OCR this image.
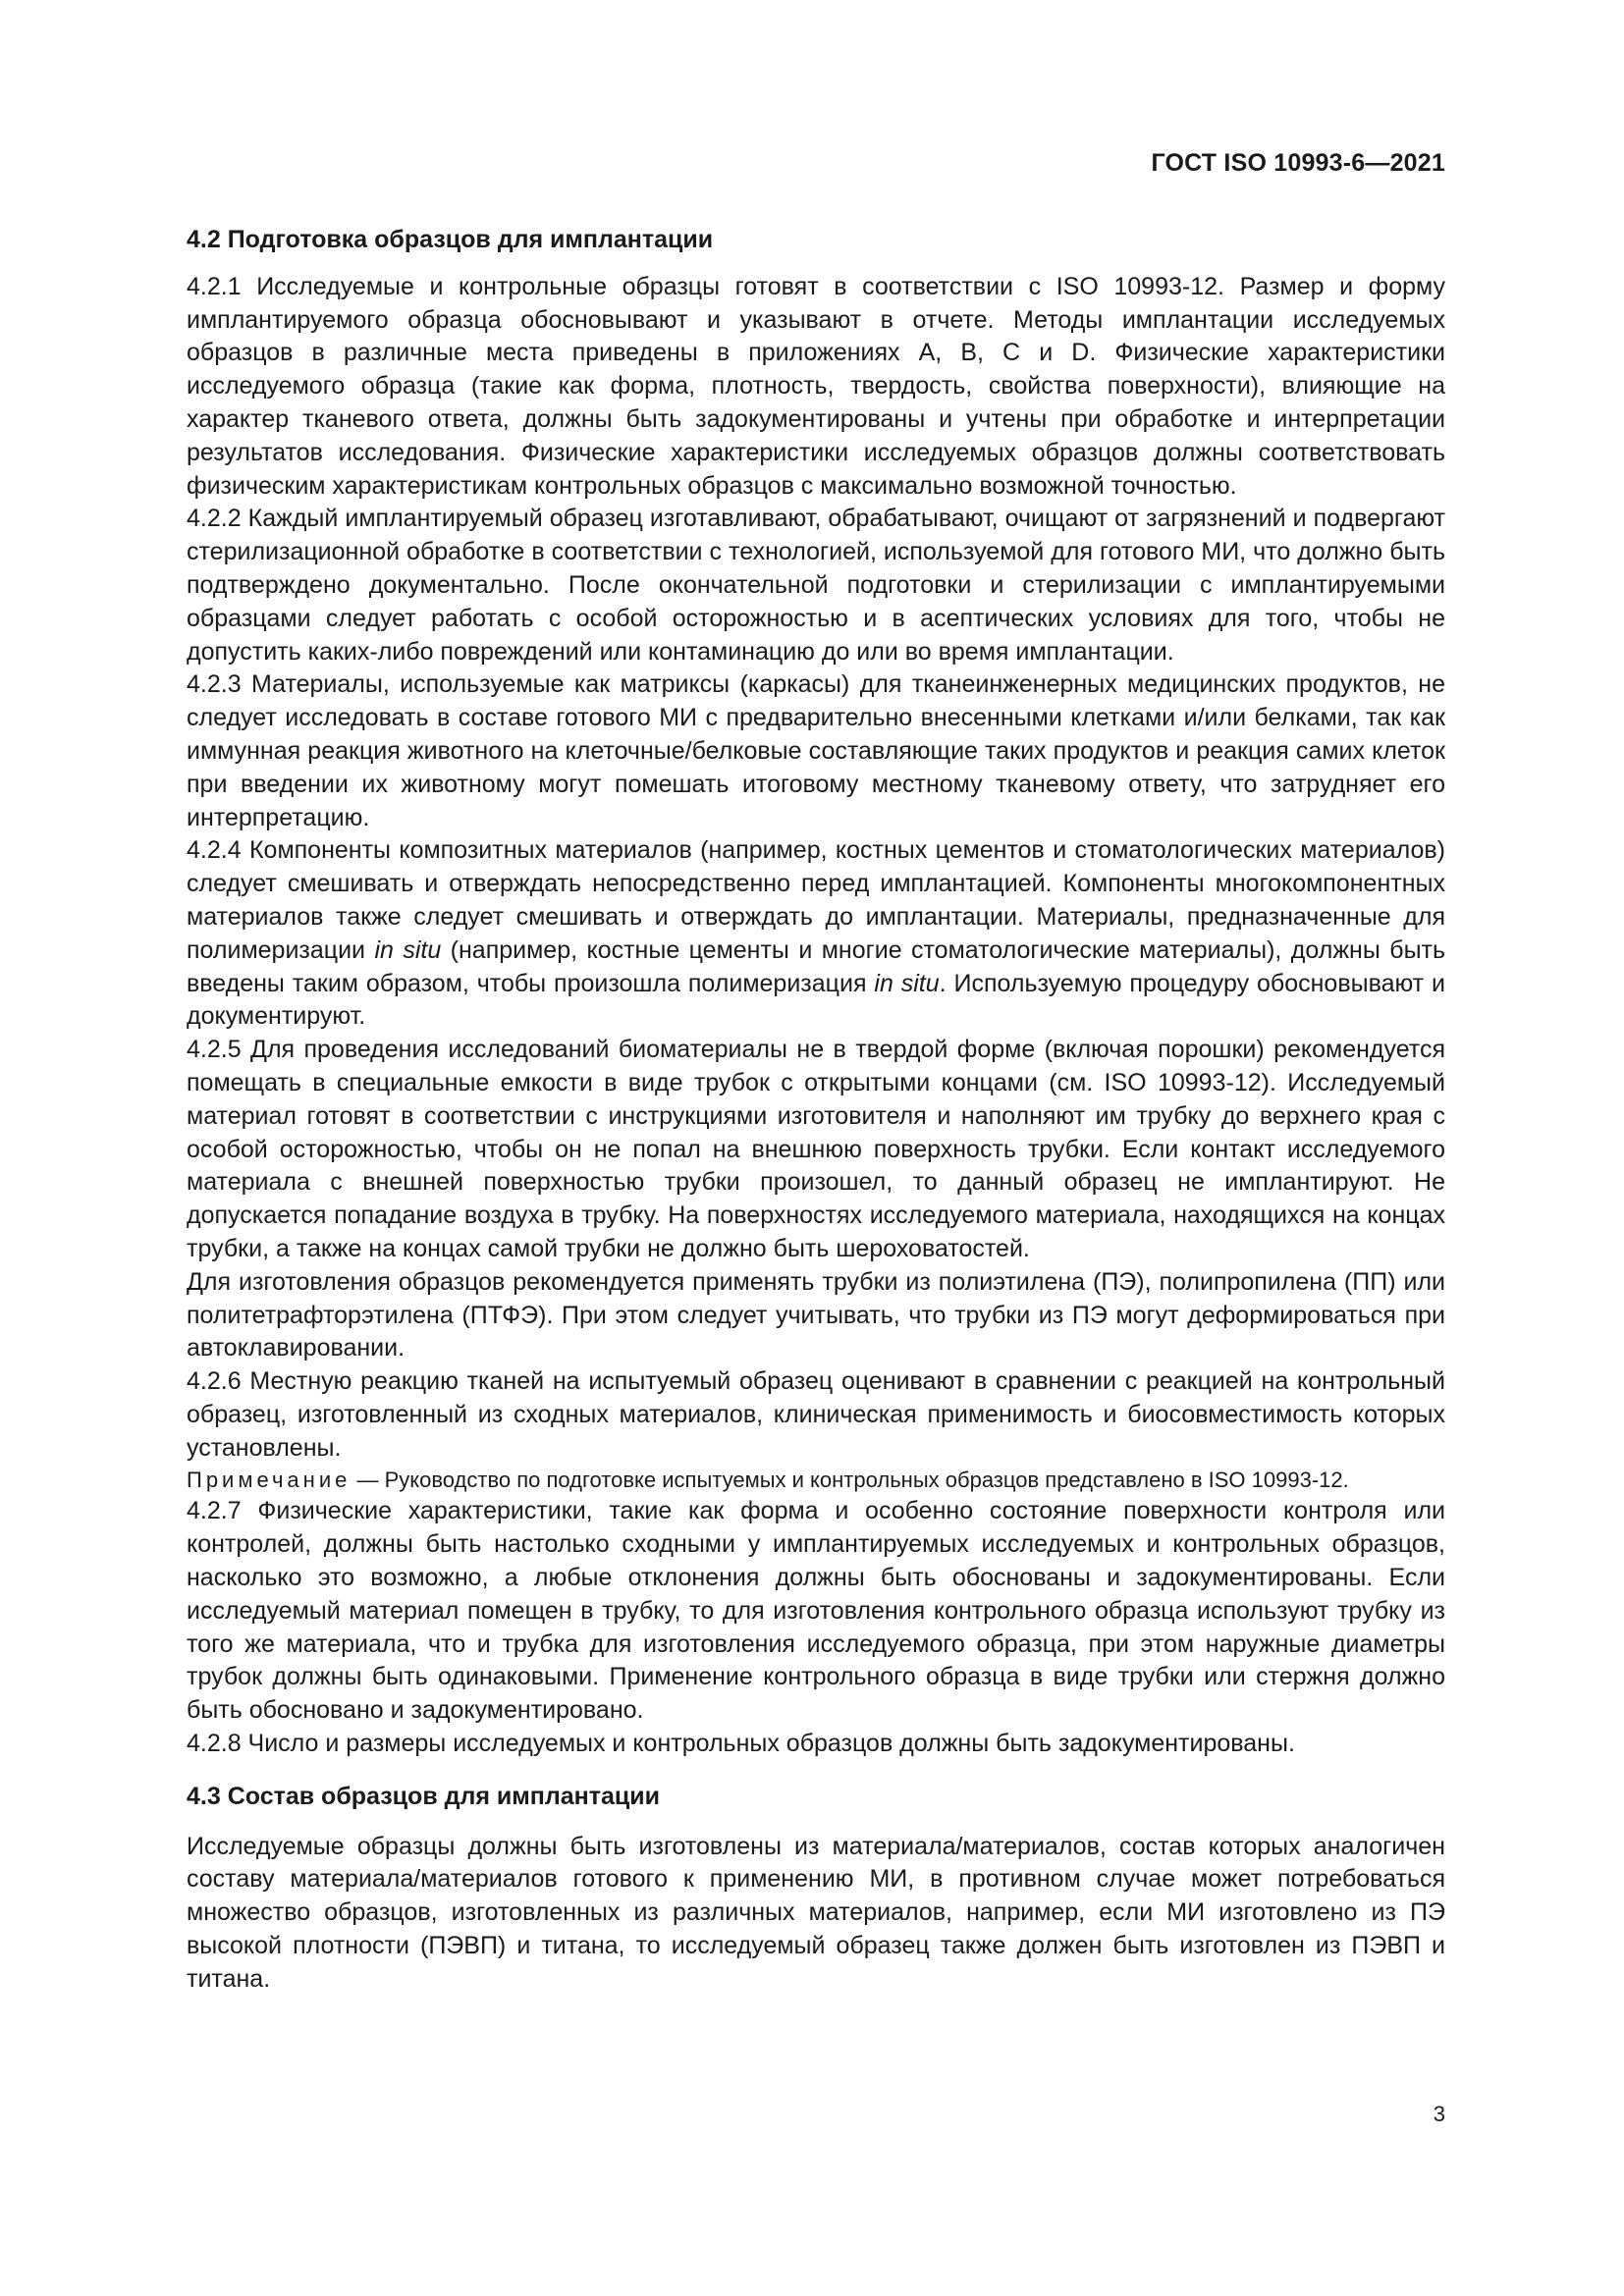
ГОСТ ISO 10993-6—2021
4.2 Подготовка образцов для имплантации

4.2.1 Исследуемые и контрольные образцы готовят в соответствии с ISO 10993-12. Размер и форму имплантируемого образца обосновывают и указывают в отчете. Методы имплантации исследуемых образцов в различные места приведены в приложениях А, В, С и D. Физические характеристики исследуемого образца (такие как форма, плотность, твердость, свойства поверхности), влияющие на характер тканевого ответа, должны быть задокументированы и учтены при обработке и интерпретации результатов исследования. Физические характеристики исследуемых образцов должны соответствовать физическим характеристикам контрольных образцов с максимально возможной точностью.

4.2.2 Каждый имплантируемый образец изготавливают, обрабатывают, очищают от загрязнений и подвергают стерилизационной обработке в соответствии с технологией, используемой для готового МИ, что должно быть подтверждено документально. После окончательной подготовки и стерилизации с имплантируемыми образцами следует работать с особой осторожностью и в асептических условиях для того, чтобы не допустить каких-либо повреждений или контаминацию до или во время имплантации.

4.2.3 Материалы, используемые как матриксы (каркасы) для тканеинженерных медицинских продуктов, не следует исследовать в составе готового МИ с предварительно внесенными клетками и/или белками, так как иммунная реакция животного на клеточные/белковые составляющие таких продуктов и реакция самих клеток при введении их животному могут помешать итоговому местному тканевому ответу, что затрудняет его интерпретацию.

4.2.4 Компоненты композитных материалов (например, костных цементов и стоматологических материалов) следует смешивать и отверждать непосредственно перед имплантацией. Компоненты многокомпонентных материалов также следует смешивать и отверждать до имплантации. Материалы, предназначенные для полимеризации in situ (например, костные цементы и многие стоматологические материалы), должны быть введены таким образом, чтобы произошла полимеризация in situ. Используемую процедуру обосновывают и документируют.

4.2.5 Для проведения исследований биоматериалы не в твердой форме (включая порошки) рекомендуется помещать в специальные емкости в виде трубок с открытыми концами (см. ISO 10993-12). Исследуемый материал готовят в соответствии с инструкциями изготовителя и наполняют им трубку до верхнего края с особой осторожностью, чтобы он не попал на внешнюю поверхность трубки. Если контакт исследуемого материала с внешней поверхностью трубки произошел, то данный образец не имплантируют. Не допускается попадание воздуха в трубку. На поверхностях исследуемого материала, находящихся на концах трубки, а также на концах самой трубки не должно быть шероховатостей.

Для изготовления образцов рекомендуется применять трубки из полиэтилена (ПЭ), полипропилена (ПП) или политетрафторэтилена (ПТФЭ). При этом следует учитывать, что трубки из ПЭ могут деформироваться при автоклавировании.

4.2.6 Местную реакцию тканей на испытуемый образец оценивают в сравнении с реакцией на контрольный образец, изготовленный из сходных материалов, клиническая применимость и биосовместимость которых установлены.

Примечание — Руководство по подготовке испытуемых и контрольных образцов представлено в ISO 10993-12.

4.2.7 Физические характеристики, такие как форма и особенно состояние поверхности контроля или контролей, должны быть настолько сходными у имплантируемых исследуемых и контрольных образцов, насколько это возможно, а любые отклонения должны быть обоснованы и задокументированы. Если исследуемый материал помещен в трубку, то для изготовления контрольного образца используют трубку из того же материала, что и трубка для изготовления исследуемого образца, при этом наружные диаметры трубок должны быть одинаковыми. Применение контрольного образца в виде трубки или стержня должно быть обосновано и задокументировано.

4.2.8 Число и размеры исследуемых и контрольных образцов должны быть задокументированы.

4.3 Состав образцов для имплантации

Исследуемые образцы должны быть изготовлены из материала/материалов, состав которых аналогичен составу материала/материалов готового к применению МИ, в противном случае может потребоваться множество образцов, изготовленных из различных материалов, например, если МИ изготовлено из ПЭ высокой плотности (ПЭВП) и титана, то исследуемый образец также должен быть изготовлен из ПЭВП и титана.

3
